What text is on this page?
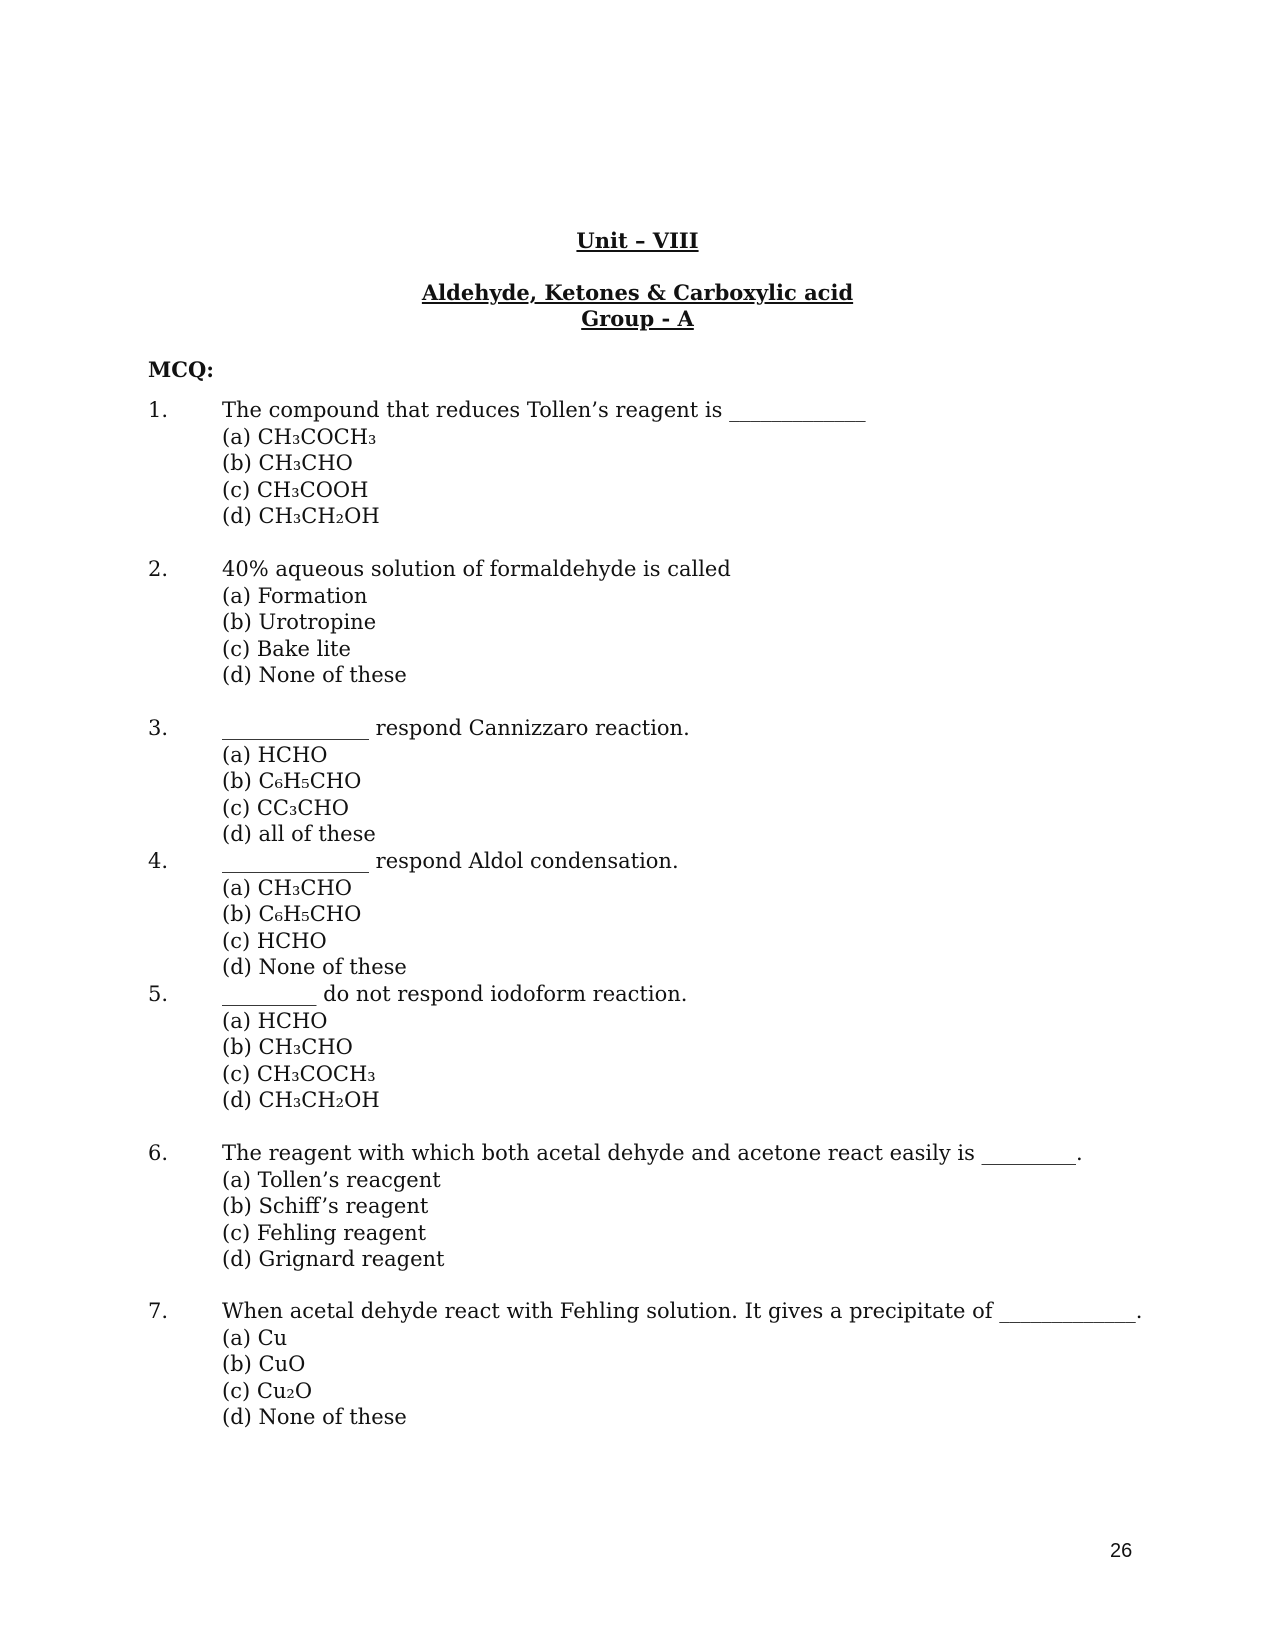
Unit – VIII
Aldehyde, Ketones & Carboxylic acid
Group - A
MCQ:
1.	The compound that reduces Tollen’s reagent is _____________
(a) CH₃COCH₃
(b) CH₃CHO
(c) CH₃COOH
(d) CH₃CH₂OH
2.	40% aqueous solution of formaldehyde is called
(a) Formation
(b) Urotropine
(c) Bake lite
(d) None of these
3.	______________ respond Cannizzaro reaction.
(a) HCHO
(b) C₆H₅CHO
(c) CC₃CHO
(d) all of these
4.	______________ respond Aldol condensation.
(a) CH₃CHO
(b) C₆H₅CHO
(c) HCHO
(d) None of these
5.	_________ do not respond iodoform reaction.
(a) HCHO
(b) CH₃CHO
(c) CH₃COCH₃
(d) CH₃CH₂OH
6.	The reagent with which both acetal dehyde and acetone react easily is _________.
(a) Tollen’s reacgent
(b) Schiff’s reagent
(c) Fehling reagent
(d) Grignard reagent
7.	When acetal dehyde react with Fehling solution. It gives a precipitate of _____________.
(a) Cu
(b) CuO
(c) Cu₂O
(d) None of these
26
